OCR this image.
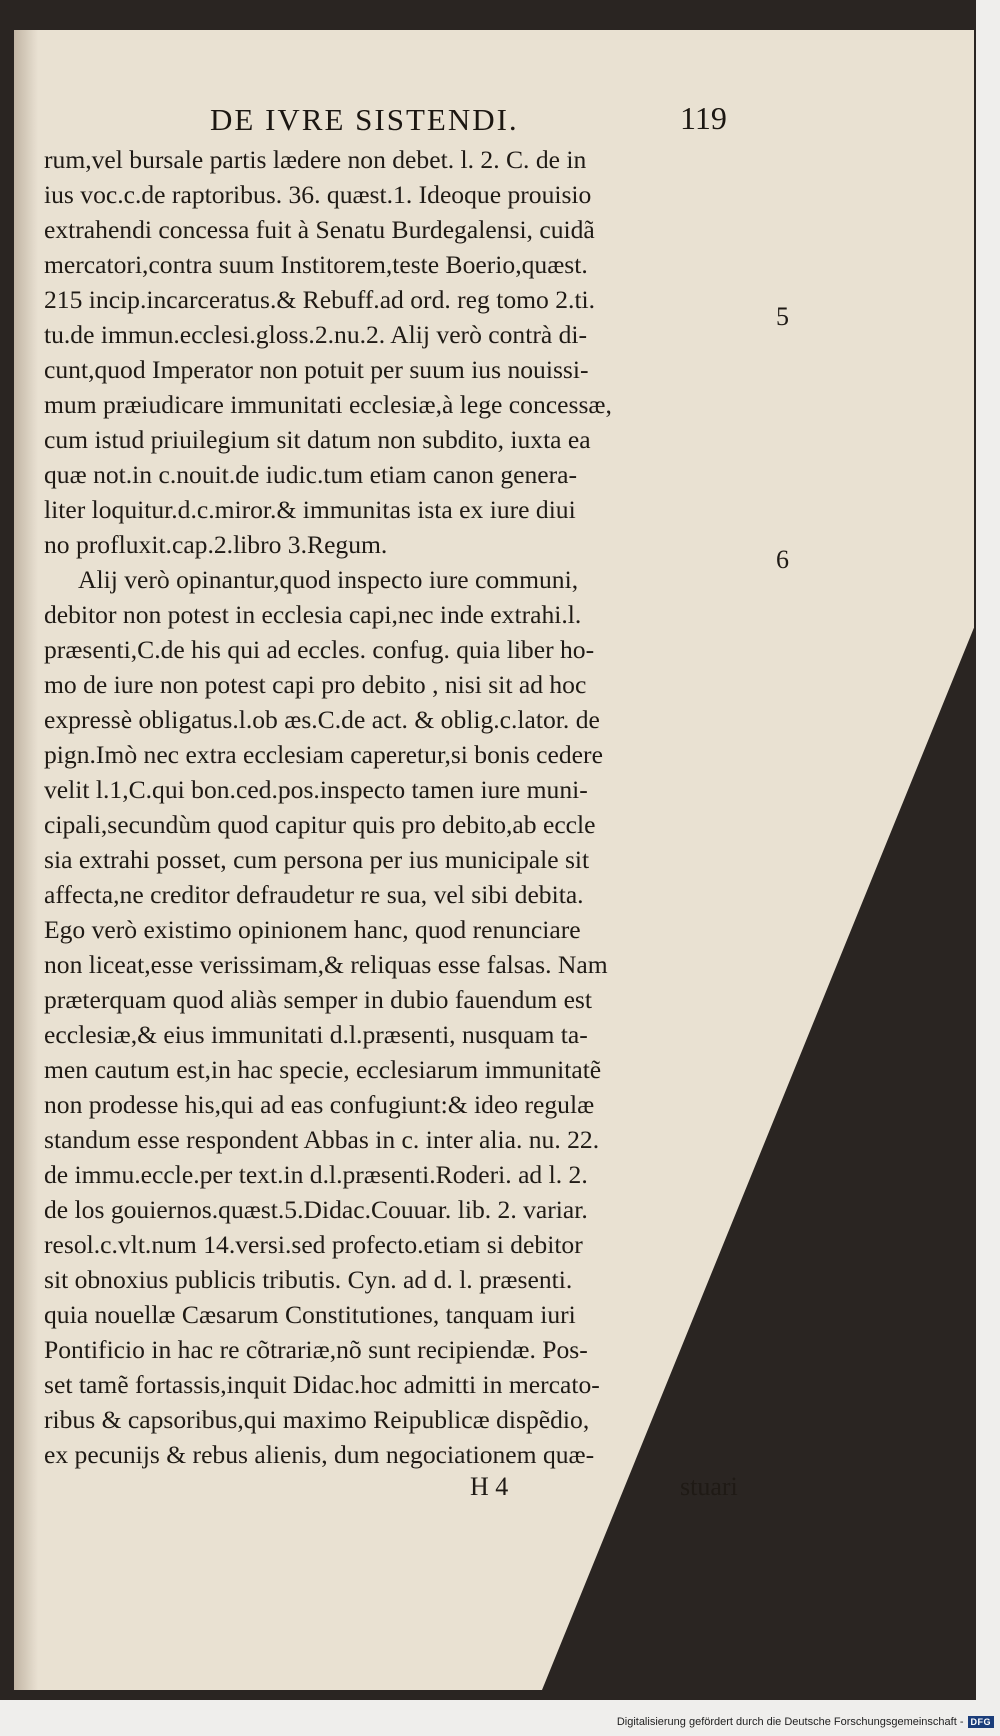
DE IVRE SISTENDI.	119
rum,vel bursale partis lædere non debet. l. 2. C. de in
ius voc.c.de raptoribus. 36. quæst.1. Ideoque prouisio
extrahendi concessa fuit à Senatu Burdegalensi, cuidã
mercatori,contra suum Institorem,teste Boerio,quæst.
215 incip.incarceratus.& Rebuff.ad ord. reg tomo 2.ti.
tu.de immun.ecclesi.gloss.2.nu.2. Alij verò contrà di-
cunt,quod Imperator non potuit per suum ius nouissi-
mum præiudicare immunitati ecclesiæ,à lege concessæ,
cum istud priuilegium sit datum non subdito, iuxta ea
quæ not.in c.nouit.de iudic.tum etiam canon genera-
liter loquitur.d.c.miror.& immunitas ista ex iure diui
no profluxit.cap.2.libro 3.Regum.
Alij verò opinantur,quod inspecto iure communi,
debitor non potest in ecclesia capi,nec inde extrahi.l.
præsenti,C.de his qui ad eccles. confug. quia liber ho-
mo de iure non potest capi pro debito , nisi sit ad hoc
expressè obligatus.l.ob æs.C.de act. & oblig.c.lator. de
pign.Imò nec extra ecclesiam caperetur,si bonis cedere
velit l.1,C.qui bon.ced.pos.inspecto tamen iure muni-
cipali,secundùm quod capitur quis pro debito,ab eccle
sia extrahi posset, cum persona per ius municipale sit
affecta,ne creditor defraudetur re sua, vel sibi debita.
Ego verò existimo opinionem hanc, quod renunciare
non liceat,esse verissimam,& reliquas esse falsas. Nam
præterquam quod aliàs semper in dubio fauendum est
ecclesiæ,& eius immunitati d.l.præsenti, nusquam ta-
men cautum est,in hac specie, ecclesiarum immunitatẽ
non prodesse his,qui ad eas confugiunt:& ideo regulæ
standum esse respondent Abbas in c. inter alia. nu. 22.
de immu.eccle.per text.in d.l.præsenti.Roderi. ad l. 2.
de los gouiernos.quæst.5.Didac.Couuar. lib. 2. variar.
resol.c.vlt.num 14.versi.sed profecto.etiam si debitor
sit obnoxius publicis tributis. Cyn. ad d. l. præsenti.
quia nouellæ Cæsarum Constitutiones, tanquam iuri
Pontificio in hac re cõtrariæ,nõ sunt recipiendæ. Pos-
set tamẽ fortassis,inquit Didac.hoc admitti in mercato-
ribus & capsoribus,qui maximo Reipublicæ dispẽdio,
ex pecunijs & rebus alienis, dum negociationem quæ-
5
6
H 4	stuari
Digitalisierung gefördert durch die Deutsche Forschungsgemeinschaft - DFG
